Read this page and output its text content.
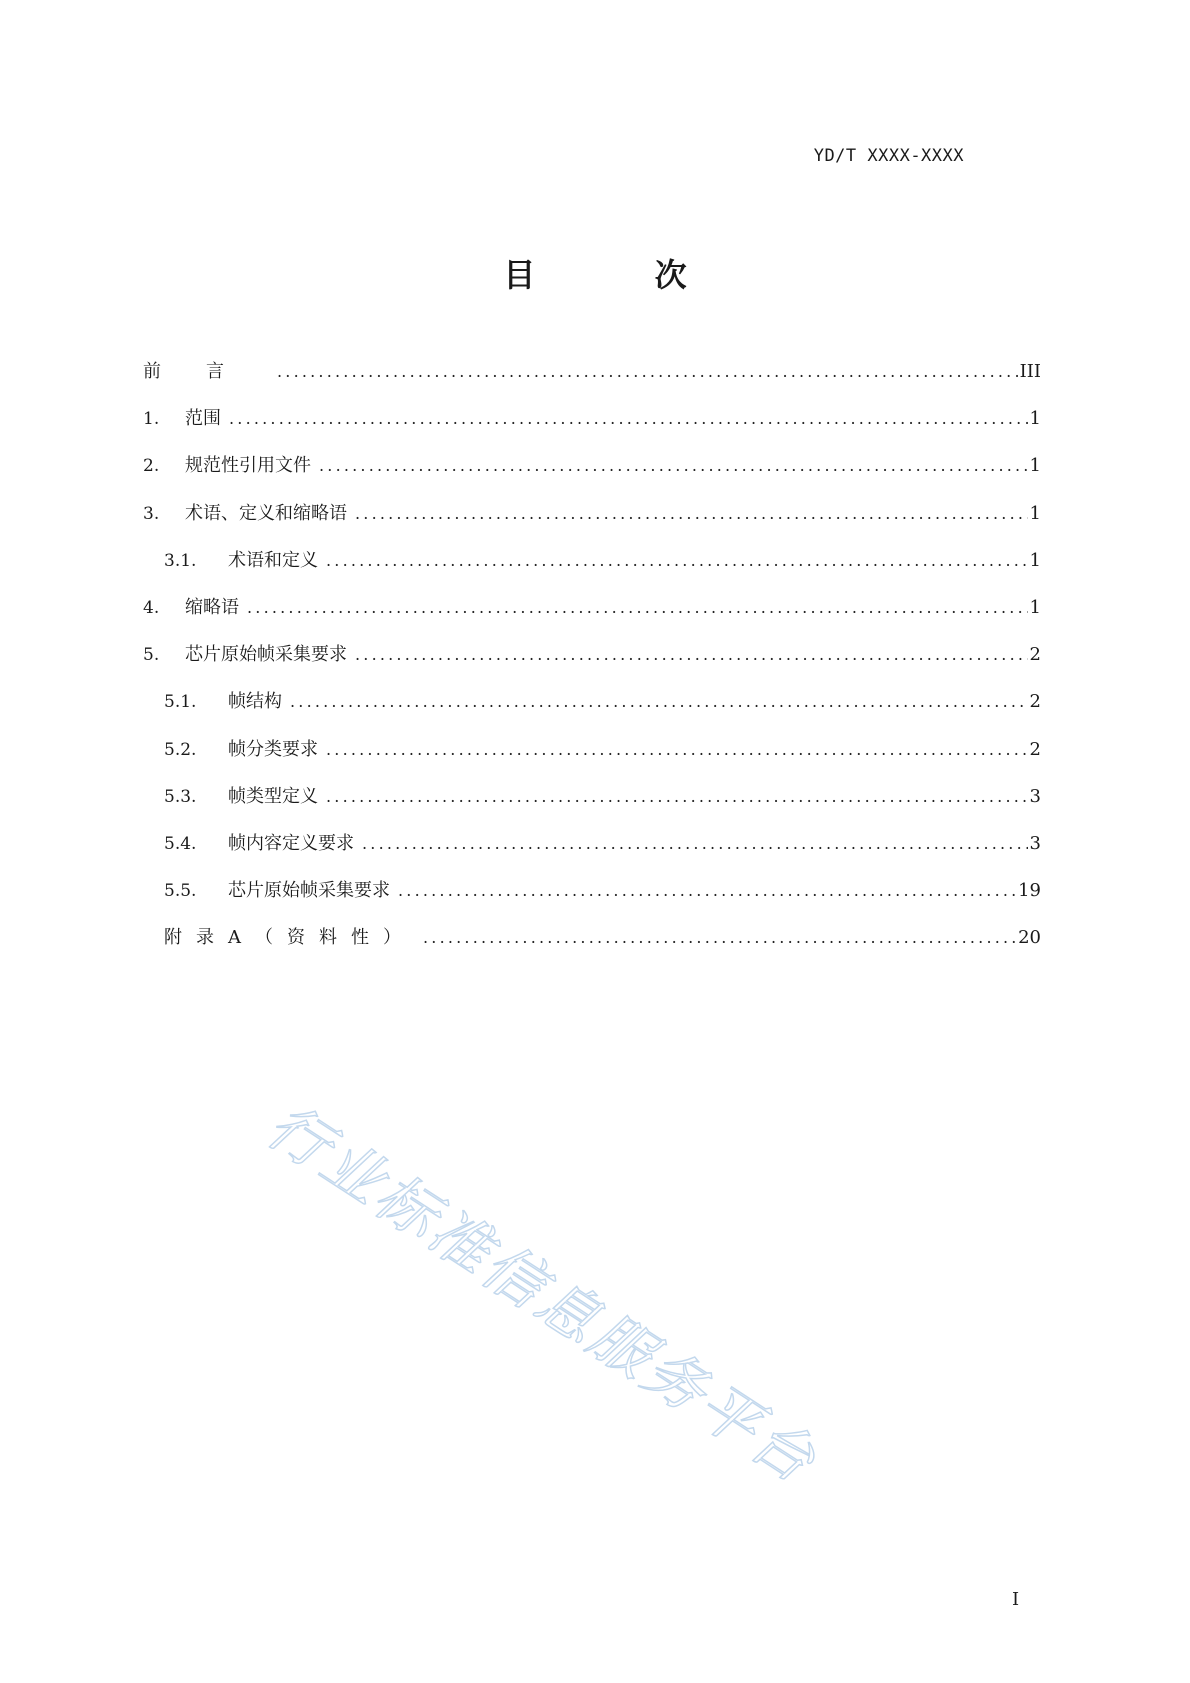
YD/T XXXX-XXXX
目 次
前言 .....	III
1.	范围 .....	1
2.	规范性引用文件 .....	1
3.	术语、定义和缩略语 .....	1
3.1.	术语和定义 .....	1
4.	缩略语 .....	1
5.	芯片原始帧采集要求 .....	2
5.1.	帧结构 .....	2
5.2.	帧分类要求 .....	2
5.3.	帧类型定义 .....	3
5.4.	帧内容定义要求 .....	3
5.5.	芯片原始帧采集要求 .....	19
附录A（资料性） .....	20
行业标准信息服务平台
I
